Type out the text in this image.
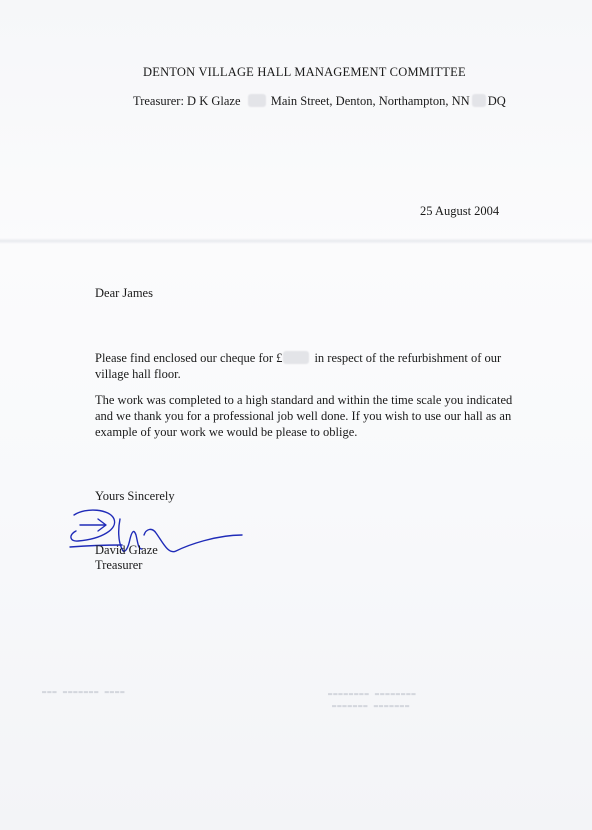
DENTON VILLAGE HALL MANAGEMENT COMMITTEE
Treasurer: D K Glaze Main Street, Denton, Northampton, NN DQ
25 August 2004
Dear James
Please find enclosed our cheque for £	in respect of the refurbishment of our
village hall floor.
The work was completed to a high standard and within the time scale you indicated
and we thank you for a professional job well done. If you wish to use our hall as an
example of your work we would be please to oblige.
Yours Sincerely
David Glaze
Treasurer
▬▬▬ ▬▬▬▬▬▬▬ ▬▬▬▬	▬▬▬▬▬▬▬▬ ▬▬▬▬▬▬▬▬
▬▬▬▬▬▬▬ ▬▬▬▬▬▬▬
